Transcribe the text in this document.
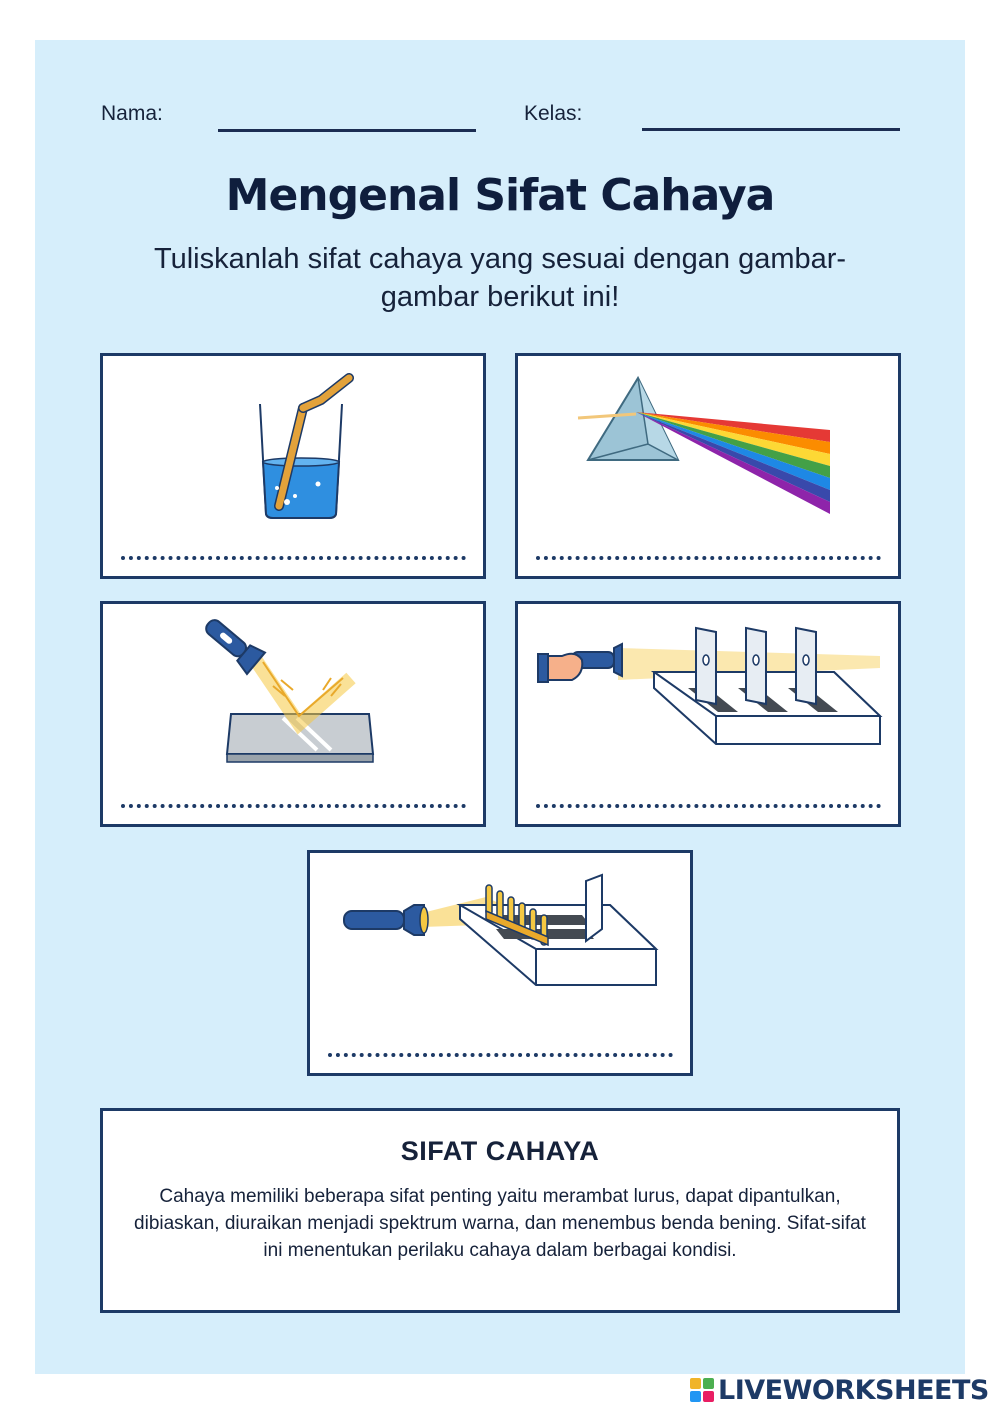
Nama:	Kelas:
Mengenal Sifat Cahaya
Tuliskanlah sifat cahaya yang sesuai dengan gambar-gambar berikut ini!
SIFAT CAHAYA
Cahaya memiliki beberapa sifat penting yaitu merambat lurus, dapat dipantulkan, dibiaskan, diuraikan menjadi spektrum warna, dan menembus benda bening. Sifat-sifat ini menentukan perilaku cahaya dalam berbagai kondisi.
LIVEWORKSHEETS
